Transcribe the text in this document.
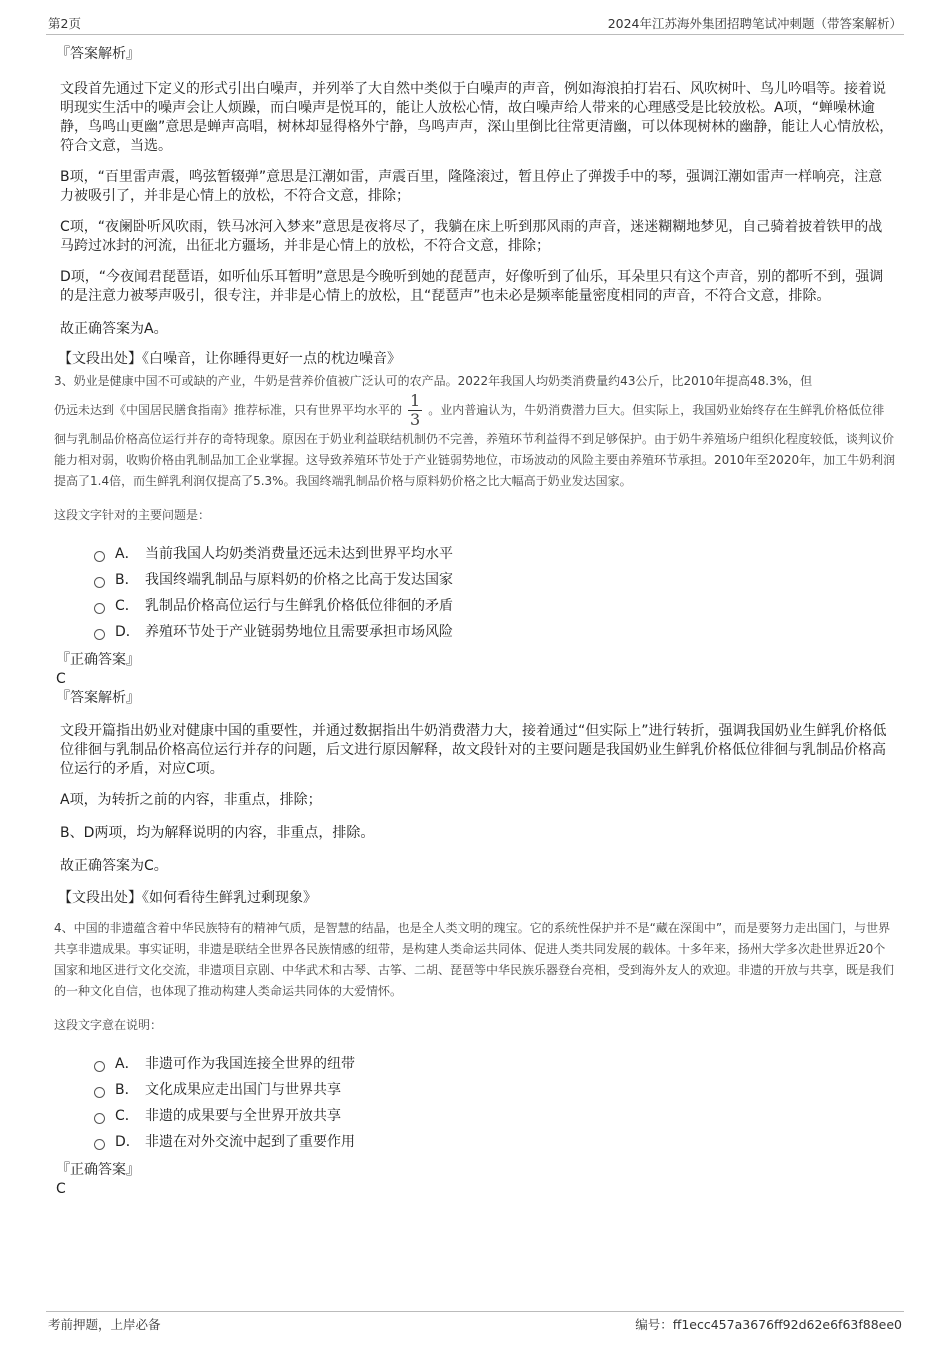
第2页	2024年江苏海外集团招聘笔试冲刺题（带答案解析）
『答案解析』
文段首先通过下定义的形式引出白噪声，并列举了大自然中类似于白噪声的声音，例如海浪拍打岩石、风吹树叶、鸟儿吟唱等。接着说明现实生活中的噪声会让人烦躁，而白噪声是悦耳的，能让人放松心情，故白噪声给人带来的心理感受是比较放松。A项，“蝉噪林逾静，鸟鸣山更幽”意思是蝉声高唱，树林却显得格外宁静，鸟鸣声声，深山里倒比往常更清幽，可以体现树林的幽静，能让人心情放松，符合文意，当选。
B项，“百里雷声震，鸣弦暂辍弹”意思是江潮如雷，声震百里，隆隆滚过，暂且停止了弹拨手中的琴，强调江潮如雷声一样响亮，注意力被吸引了，并非是心情上的放松，不符合文意，排除；
C项，“夜阑卧听风吹雨，铁马冰河入梦来”意思是夜将尽了，我躺在床上听到那风雨的声音，迷迷糊糊地梦见，自己骑着披着铁甲的战马跨过冰封的河流，出征北方疆场，并非是心情上的放松，不符合文意，排除；
D项，“今夜闻君琵琶语，如听仙乐耳暂明”意思是今晚听到她的琵琶声，好像听到了仙乐，耳朵里只有这个声音，别的都听不到，强调的是注意力被琴声吸引，很专注，并非是心情上的放松，且“琵琶声”也未必是频率能量密度相同的声音，不符合文意，排除。
故正确答案为A。
【文段出处】《白噪音，让你睡得更好一点的枕边噪音》
3、奶业是健康中国不可或缺的产业，牛奶是营养价值被广泛认可的农产品。2022年我国人均奶类消费量约43公斤，比2010年提高48.3%，但
仍远未达到《中国居民膳食指南》推荐标准，只有世界平均水平的 $\frac{1}{3}$ 。业内普遍认为，牛奶消费潜力巨大。但实际上，我国奶业始终存在生鲜乳价格低位徘徊与乳制品价格高位运行并存的奇特现象。原因在于奶业利益联结机制仍不完善，养殖环节利益得不到足够保护。由于奶牛养殖场户组织化程度较低，谈判议价能力相对弱，收购价格由乳制品加工企业掌握。这导致养殖环节处于产业链弱势地位，市场波动的风险主要由养殖环节承担。2010年至2020年，加工牛奶利润提高了1.4倍，而生鲜乳利润仅提高了5.3%。我国终端乳制品价格与原料奶价格之比大幅高于奶业发达国家。
这段文字针对的主要问题是：
A． 当前我国人均奶类消费量还远未达到世界平均水平
B． 我国终端乳制品与原料奶的价格之比高于发达国家
C． 乳制品价格高位运行与生鲜乳价格低位徘徊的矛盾
D． 养殖环节处于产业链弱势地位且需要承担市场风险
『正确答案』
C
『答案解析』
文段开篇指出奶业对健康中国的重要性，并通过数据指出牛奶消费潜力大，接着通过“但实际上”进行转折，强调我国奶业生鲜乳价格低位徘徊与乳制品价格高位运行并存的问题，后文进行原因解释，故文段针对的主要问题是我国奶业生鲜乳价格低位徘徊与乳制品价格高位运行的矛盾，对应C项。
A项，为转折之前的内容，非重点，排除；
B、D两项，均为解释说明的内容，非重点，排除。
故正确答案为C。
【文段出处】《如何看待生鲜乳过剩现象》
4、中国的非遗蕴含着中华民族特有的精神气质，是智慧的结晶，也是全人类文明的瑰宝。它的系统性保护并不是“藏在深闺中”，而是要努力走出国门，与世界共享非遗成果。事实证明，非遗是联结全世界各民族情感的纽带，是构建人类命运共同体、促进人类共同发展的载体。十多年来，扬州大学多次赴世界近20个国家和地区进行文化交流，非遗项目京剧、中华武术和古琴、古筝、二胡、琵琶等中华民族乐器登台亮相，受到海外友人的欢迎。非遗的开放与共享，既是我们的一种文化自信，也体现了推动构建人类命运共同体的大爱情怀。
这段文字意在说明：
A． 非遗可作为我国连接全世界的纽带
B． 文化成果应走出国门与世界共享
C． 非遗的成果要与全世界开放共享
D． 非遗在对外交流中起到了重要作用
『正确答案』
C
考前押题，上岸必备	编号：ff1ecc457a3676ff92d62e6f63f88ee0
